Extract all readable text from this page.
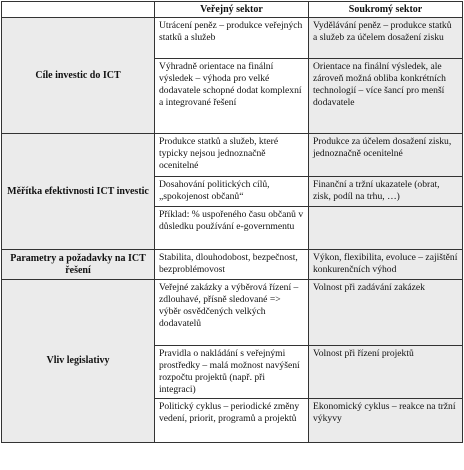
	Veřejný sektor	Soukromý sektor
Cíle investic do ICT	Utrácení peněz – produkce veřejných statků a služeb	Vydělávání peněz – produkce statků a služeb za účelem dosažení zisku
	Výhradně orientace na finální výsledek – výhoda pro velké dodavatele schopné dodat komplexní a integrované řešení	Orientace na finální výsledek, ale zároveň možná obliba konkrétních technologií – více šancí pro menší dodavatele
Měřítka efektivnosti ICT investic	Produkce statků a služeb, které typicky nejsou jednoznačně ocenitelné	Produkce za účelem dosažení zisku, jednoznačně ocenitelné
	Dosahování politických cílů, „spokojenost občanů“	Finanční a tržní ukazatele (obrat, zisk, podíl na trhu, …)
	Příklad: % uspořeného času občanů v důsledku používání e-governmentu	
Parametry a požadavky na ICT řešení	Stabilita, dlouhodobost, bezpečnost, bezproblémovost	Výkon, flexibilita, evoluce – zajištění konkurenčních výhod
Vliv legislativy	Veřejné zakázky a výběrová řízení – zdlouhavé, přísně sledované => výběr osvědčených velkých dodavatelů	Volnost při zadávání zakázek
	Pravidla o nakládání s veřejnými prostředky – malá možnost navýšení rozpočtu projektů (např. při integraci)	Volnost při řízení projektů
	Politický cyklus – periodické změny vedení, priorit, programů a projektů	Ekonomický cyklus – reakce na tržní výkyvy
